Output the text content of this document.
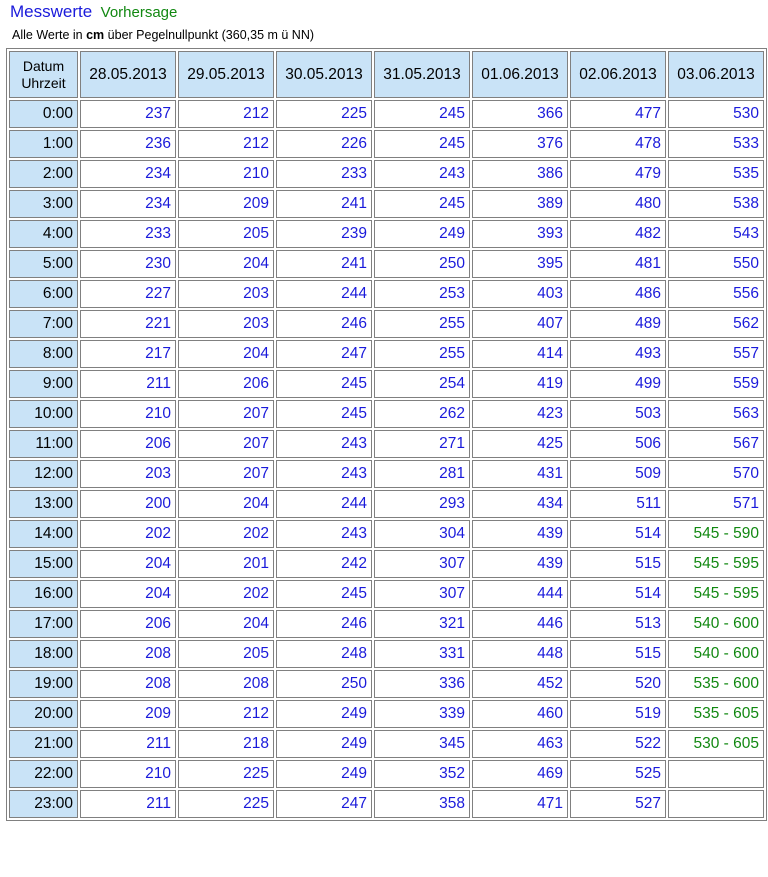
Messwerte Vorhersage
Alle Werte in cm über Pegelnullpunkt (360,35 m ü NN)
Datum
Uhrzeit	28.05.2013	29.05.2013	30.05.2013	31.05.2013	01.06.2013	02.06.2013	03.06.2013
0:00	237	212	225	245	366	477	530
1:00	236	212	226	245	376	478	533
2:00	234	210	233	243	386	479	535
3:00	234	209	241	245	389	480	538
4:00	233	205	239	249	393	482	543
5:00	230	204	241	250	395	481	550
6:00	227	203	244	253	403	486	556
7:00	221	203	246	255	407	489	562
8:00	217	204	247	255	414	493	557
9:00	211	206	245	254	419	499	559
10:00	210	207	245	262	423	503	563
11:00	206	207	243	271	425	506	567
12:00	203	207	243	281	431	509	570
13:00	200	204	244	293	434	511	571
14:00	202	202	243	304	439	514	545 - 590
15:00	204	201	242	307	439	515	545 - 595
16:00	204	202	245	307	444	514	545 - 595
17:00	206	204	246	321	446	513	540 - 600
18:00	208	205	248	331	448	515	540 - 600
19:00	208	208	250	336	452	520	535 - 600
20:00	209	212	249	339	460	519	535 - 605
21:00	211	218	249	345	463	522	530 - 605
22:00	210	225	249	352	469	525	
23:00	211	225	247	358	471	527	
